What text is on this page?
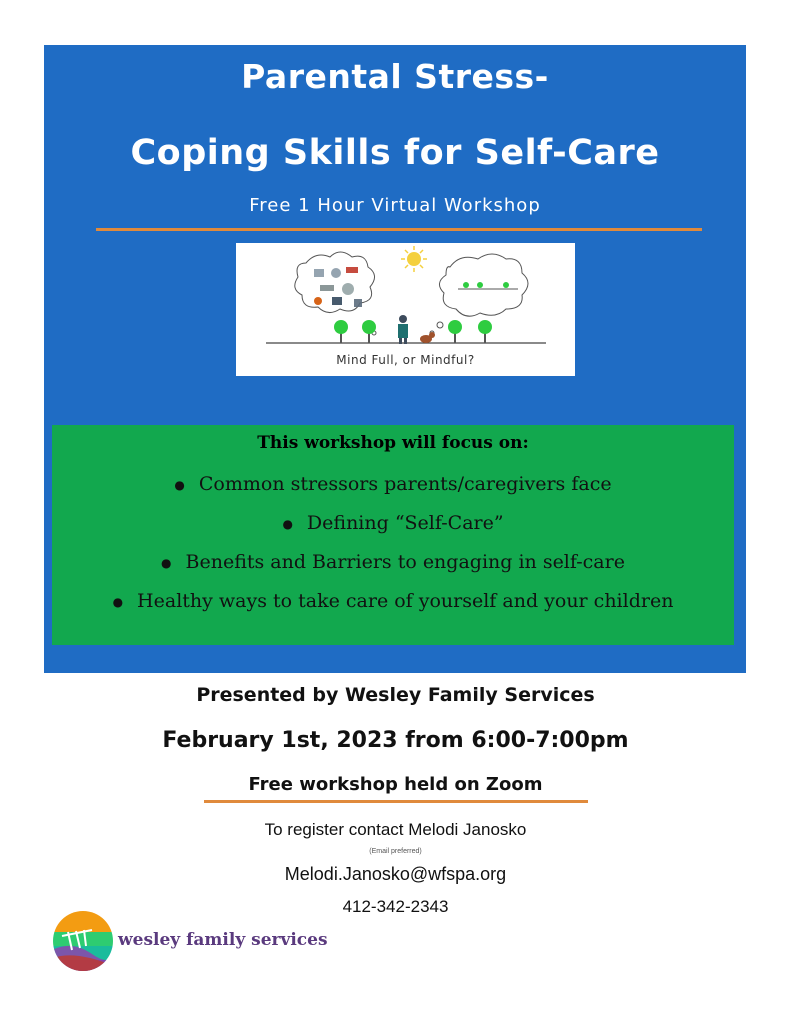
Parental Stress-
Coping Skills for Self-Care
Free 1 Hour Virtual Workshop
Mind Full, or Mindful?
This workshop will focus on:
● Common stressors parents/caregivers face
● Defining “Self-Care”
● Benefits and Barriers to engaging in self-care
● Healthy ways to take care of yourself and your children
Presented by Wesley Family Services
February 1st, 2023 from 6:00-7:00pm
Free workshop held on Zoom
To register contact Melodi Janosko
(Email preferred)
Melodi.Janosko@wfspa.org
412-342-2343
wesley family services
